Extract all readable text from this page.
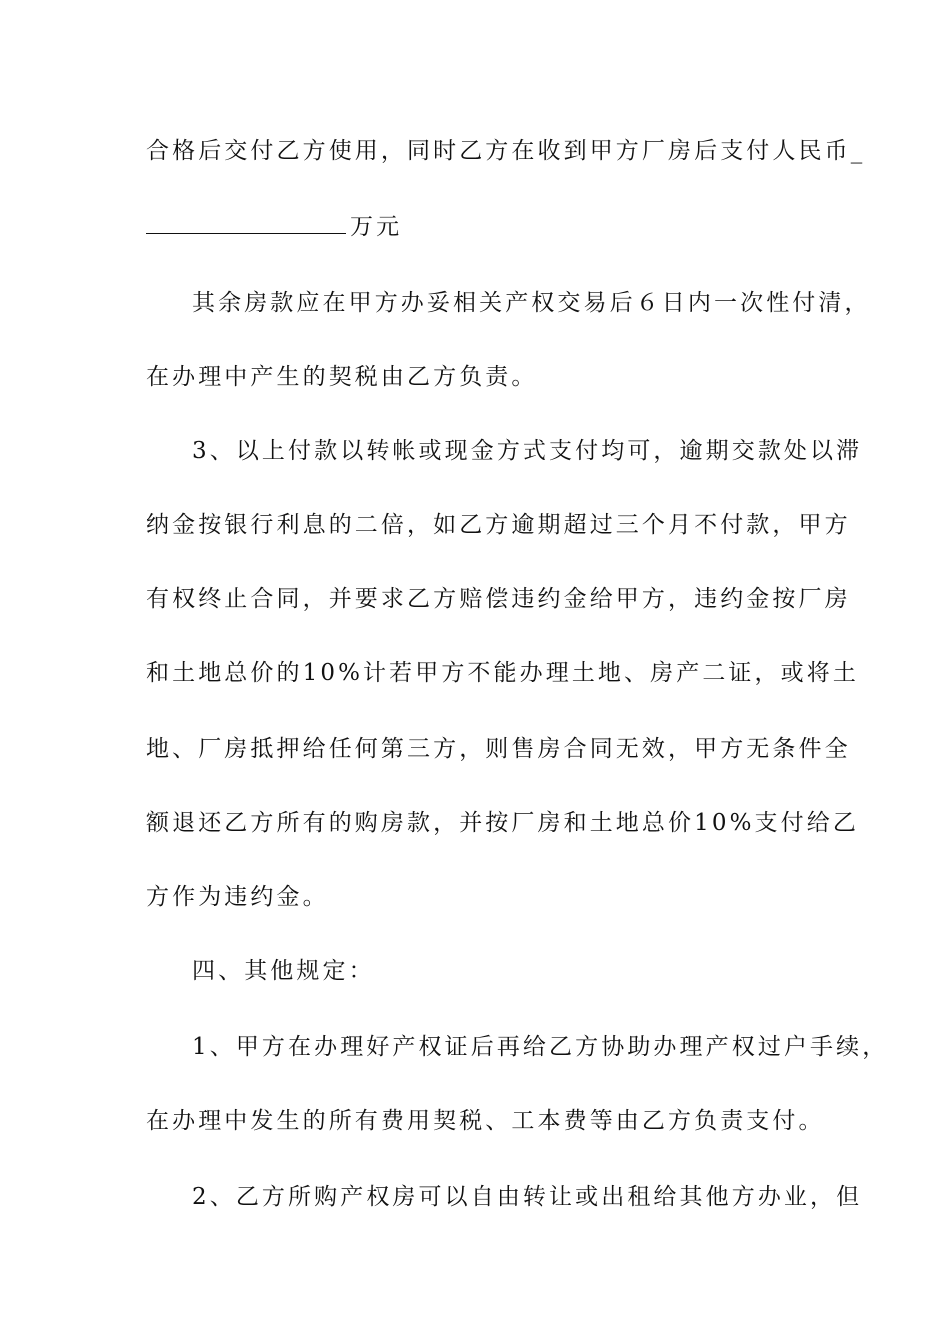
合格后交付乙方使用，同时乙方在收到甲方厂房后支付人民币_
万元
其余房款应在甲方办妥相关产权交易后６日内一次性付清，
在办理中产生的契税由乙方负责。
3、以上付款以转帐或现金方式支付均可，逾期交款处以滞
纳金按银行利息的二倍，如乙方逾期超过三个月不付款，甲方
有权终止合同，并要求乙方赔偿违约金给甲方，违约金按厂房
和土地总价的10%计若甲方不能办理土地、房产二证，或将土
地、厂房抵押给任何第三方，则售房合同无效，甲方无条件全
额退还乙方所有的购房款，并按厂房和土地总价10%支付给乙
方作为违约金。
四、其他规定：
1、甲方在办理好产权证后再给乙方协助办理产权过户手续，
在办理中发生的所有费用契税、工本费等由乙方负责支付。
2、乙方所购产权房可以自由转让或出租给其他方办业，但
